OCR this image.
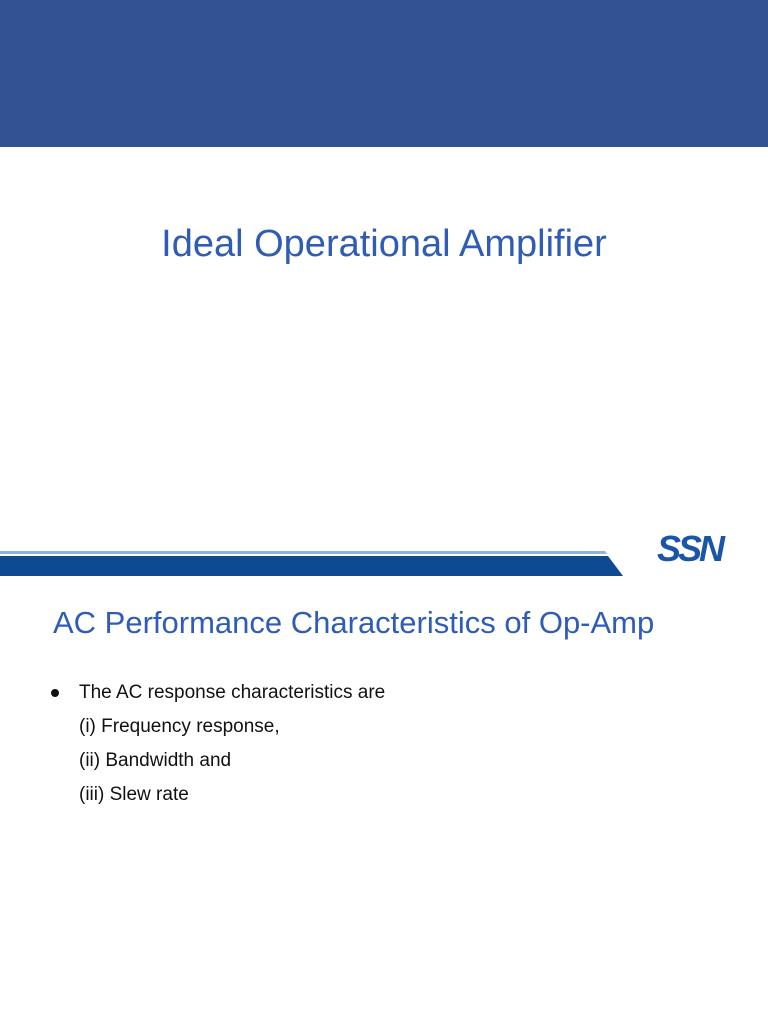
Ideal Operational Amplifier
SSN
AC Performance Characteristics of Op-Amp
The AC response characteristics are
(i) Frequency response,
(ii) Bandwidth and
(iii) Slew rate
